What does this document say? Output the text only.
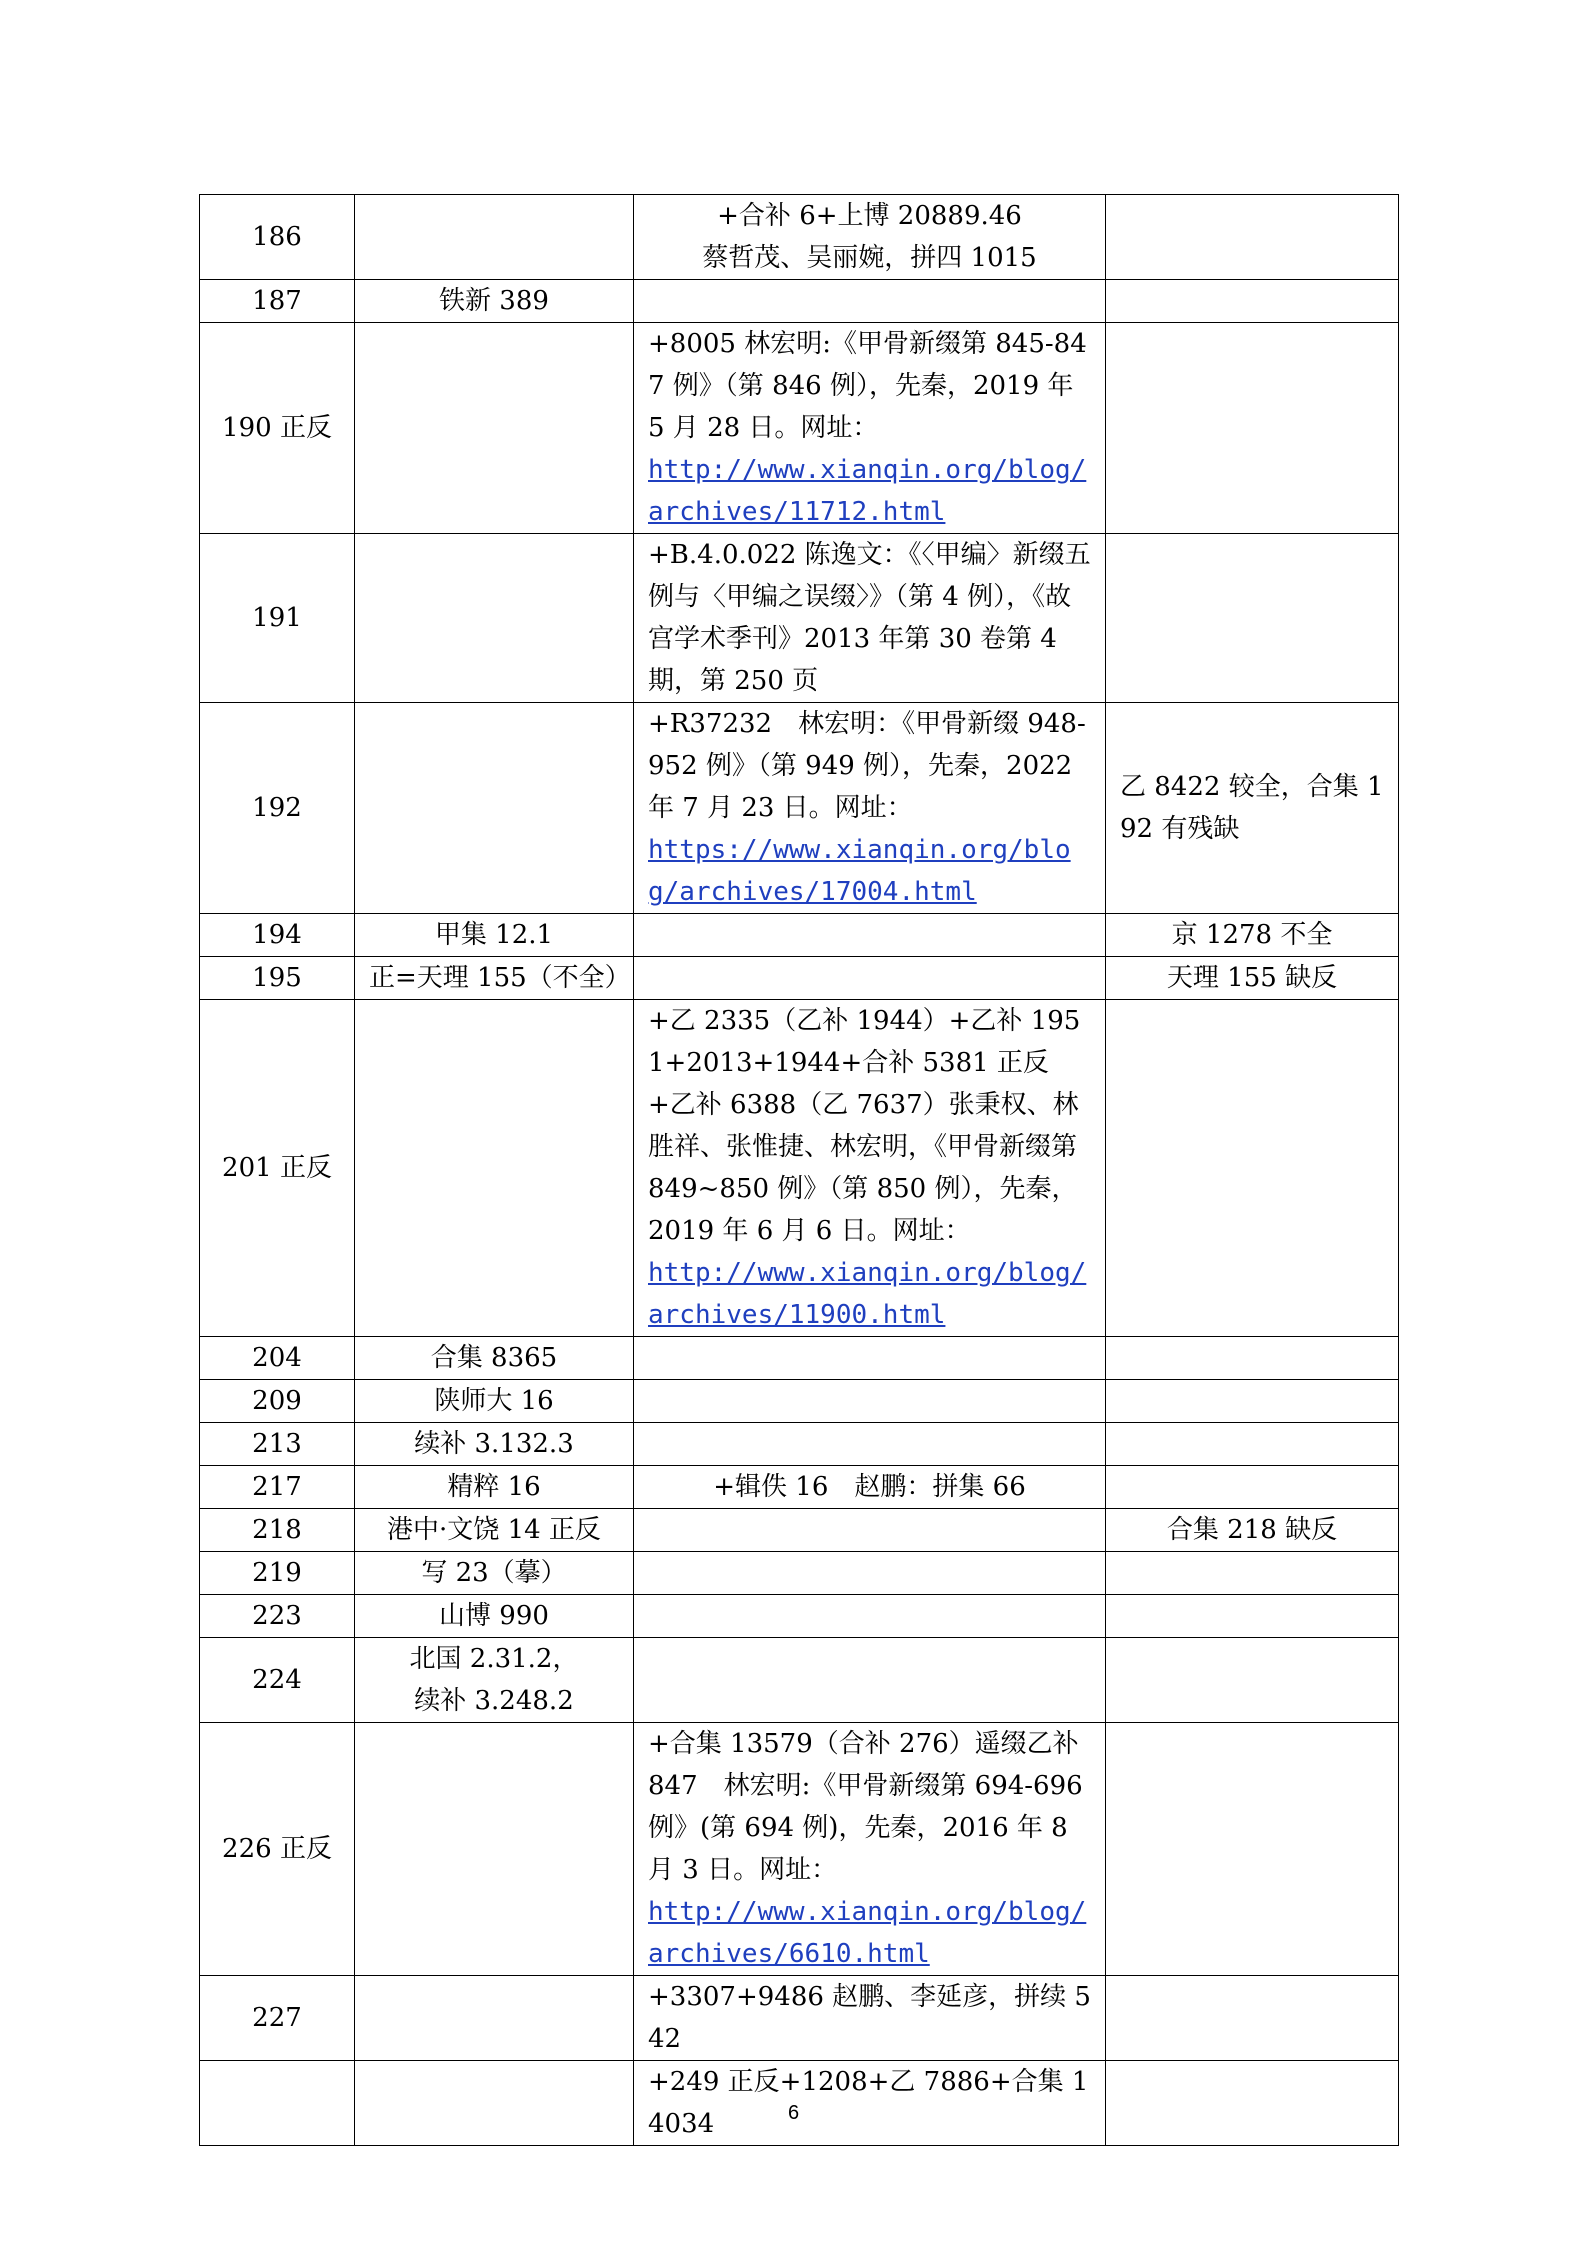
186		+合补 6+上博 20889.46
蔡哲茂、吴丽婉，拼四 1015	

187	铁新 389		

190 正反		+8005 林宏明:《甲骨新缀第 845-847 例》（第 846 例），先秦，2019 年 5 月 28 日。网址：
http://www.xianqin.org/blog/archives/11712.html	
191		+B.4.0.022 陈逸文：《〈甲编〉新缀五例与〈甲编之误缀〉》（第 4 例），《故宫学术季刊》2013 年第 30 卷第 4 期，第 250 页	

192		+R37232　林宏明：《甲骨新缀 948-952 例》（第 949 例），先秦，2022 年 7 月 23 日。网址：
https://www.xianqin.org/blog/archives/17004.html	乙 8422 较全，合集 192 有残缺

194	甲集 12.1		京 1278 不全

195	正=天理 155（不全）		天理 155 缺反

201 正反		+乙 2335（乙补 1944）+乙补 1951+2013+1944+合补 5381 正反+乙补 6388（乙 7637）张秉权、林胜祥、张惟捷、林宏明，《甲骨新缀第 849~850 例》（第 850 例），先秦，2019 年 6 月 6 日。网址：
http://www.xianqin.org/blog/archives/11900.html	
204	合集 8365		

209	陕师大 16		

213	续补 3.132.3		

217	精粹 16	+辑佚 16　赵鹏：拼集 66	

218	港中·文饶 14 正反		合集 218 缺反

219	写 23（摹）		

223	山博 990		

224	北国 2.31.2，
续补 3.248.2		

226 正反		+合集 13579（合补 276）遥缀乙补 847　林宏明:《甲骨新缀第 694-696 例》(第 694 例)，先秦，2016 年 8 月 3 日。网址：
http://www.xianqin.org/blog/archives/6610.html	
227		+3307+9486 赵鹏、李延彦，拼续 542	

		+249 正反+1208+乙 7886+合集 14034	
		6
